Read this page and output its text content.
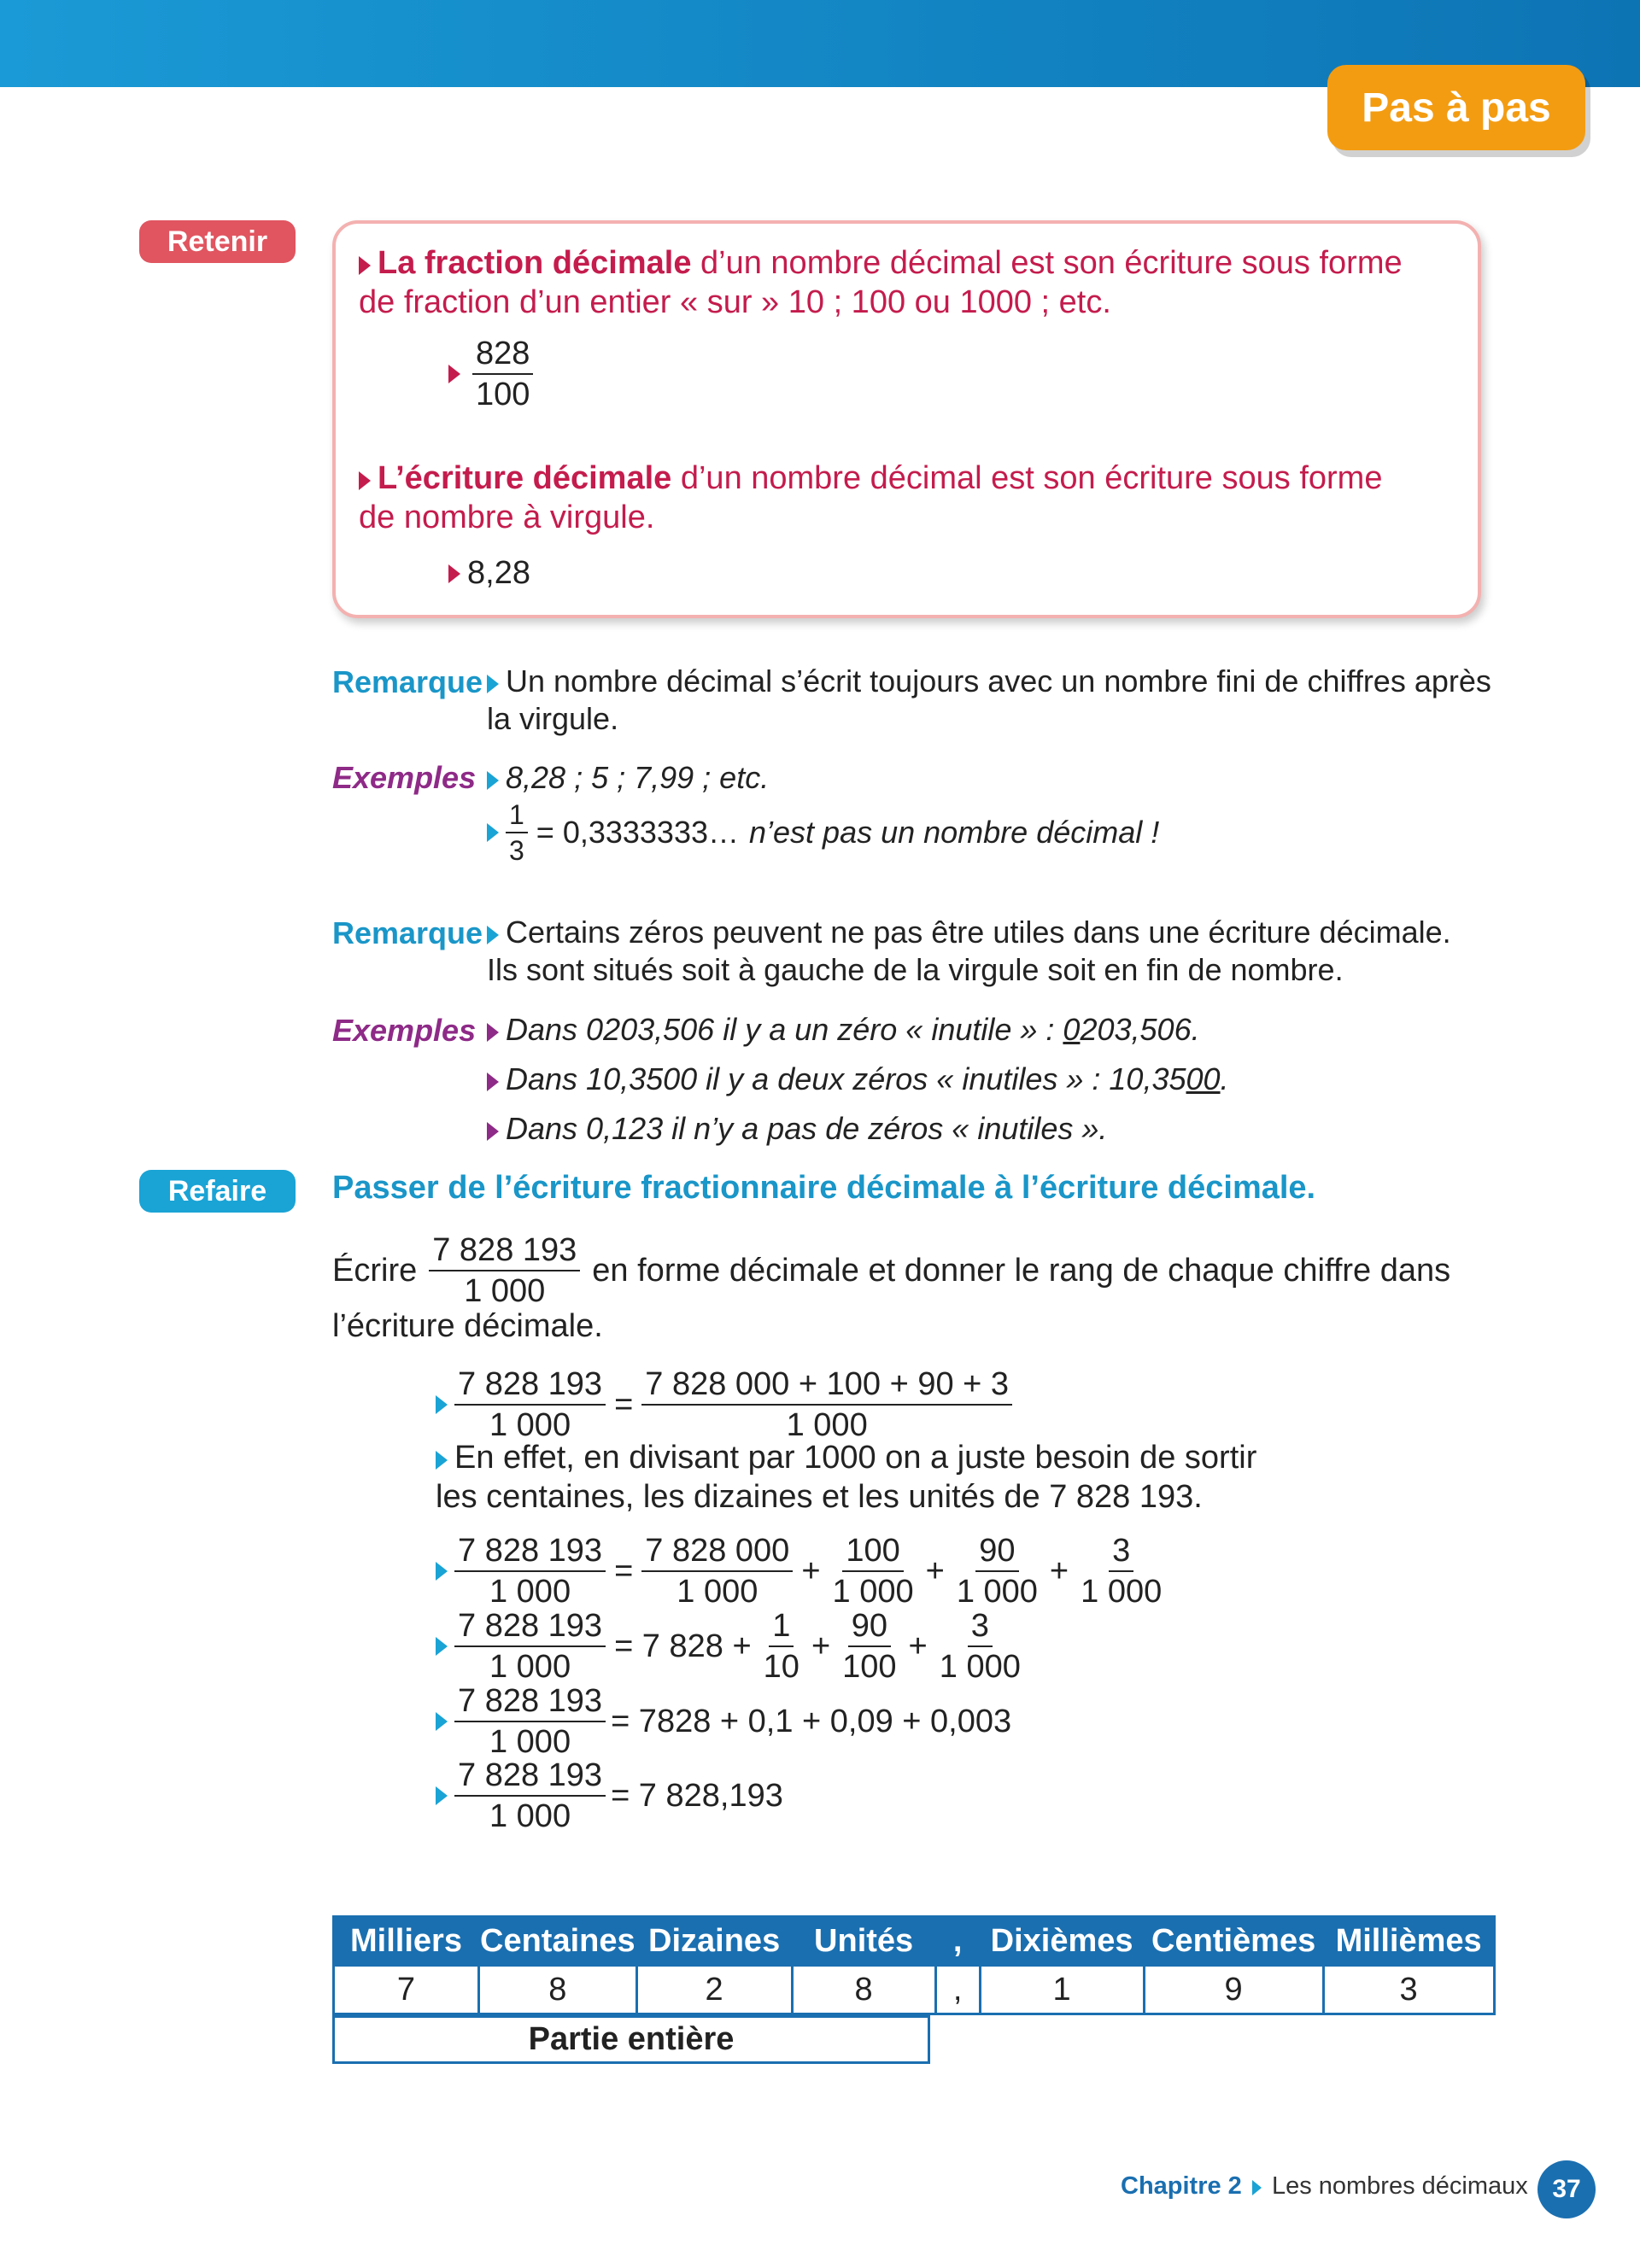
Pas à pas
Retenir
La fraction décimale d’un nombre décimal est son écriture sous forme
de fraction d’un entier « sur » 10 ; 100 ou 1000 ; etc.
$\frac{828}{100}$
L’écriture décimale d’un nombre décimal est son écriture sous forme
de nombre à virgule.
8,28
Remarque Un nombre décimal s’écrit toujours avec un nombre fini de chiffres après
la virgule.
Exemples 8,28 ; 5 ; 7,99 ; etc.
$\frac{1}{3}$ = 0,3333333… n’est pas un nombre décimal !
Remarque Certains zéros peuvent ne pas être utiles dans une écriture décimale.
Ils sont situés soit à gauche de la virgule soit en fin de nombre.
Exemples Dans 0203,506 il y a un zéro « inutile » : 0203,506.
Dans 10,3500 il y a deux zéros « inutiles » : 10,3500.
Dans 0,123 il n’y a pas de zéros « inutiles ».
Refaire	Passer de l’écriture fractionnaire décimale à l’écriture décimale.
Écrire $\frac{7 828 193}{1 000}$ en forme décimale et donner le rang de chaque chiffre dans
l’écriture décimale.
$\frac{7 828 193}{1 000} = \frac{7 828 000 + 100 + 90 + 3}{1 000}$
En effet, en divisant par 1000 on a juste besoin de sortir
les centaines, les dizaines et les unités de 7 828 193.
$\frac{7 828 193}{1 000} = \frac{7 828 000}{1 000} + \frac{100}{1 000} + \frac{90}{1 000} + \frac{3}{1 000}$
$\frac{7 828 193}{1 000} = 7$ $828 + \frac{1}{10} + \frac{90}{100} + \frac{3}{1 000}$
$\frac{7 828 193}{1 000} = 7828 + 0,1 + 0,09 + 0,003$
$\frac{7 828 193}{1 000} = 7$ 828,193
Milliers	Centaines	Dizaines	Unités	,	Dixièmes	Centièmes	Millièmes
7	8	2	8	,	1	9	3
Partie entière
Chapitre 2 Les nombres décimaux 37
